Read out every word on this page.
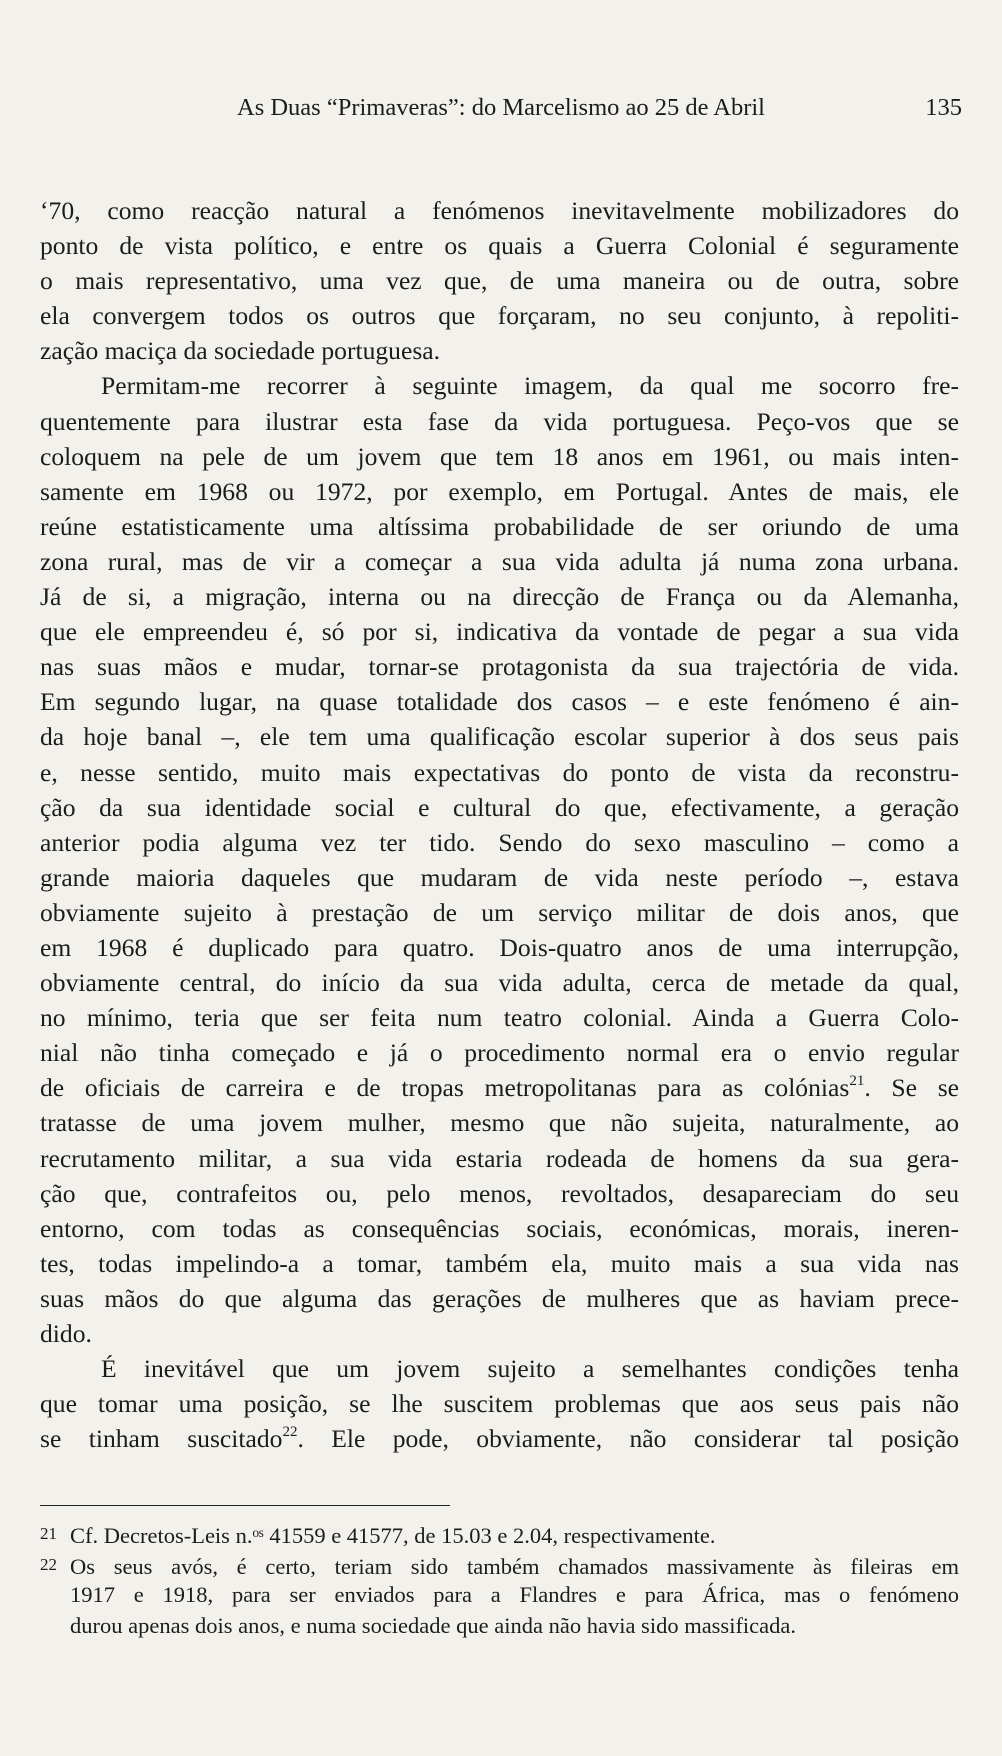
As Duas “Primaveras”: do Marcelismo ao 25 de Abril	135
‘70, como reacção natural a fenómenos inevitavelmente mobilizadores do
ponto de vista político, e entre os quais a Guerra Colonial é seguramente
o mais representativo, uma vez que, de uma maneira ou de outra, sobre
ela convergem todos os outros que forçaram, no seu conjunto, à repoliti-
zação maciça da sociedade portuguesa.
Permitam-me recorrer à seguinte imagem, da qual me socorro fre-
quentemente para ilustrar esta fase da vida portuguesa. Peço-vos que se
coloquem na pele de um jovem que tem 18 anos em 1961, ou mais inten-
samente em 1968 ou 1972, por exemplo, em Portugal. Antes de mais, ele
reúne estatisticamente uma altíssima probabilidade de ser oriundo de uma
zona rural, mas de vir a começar a sua vida adulta já numa zona urbana.
Já de si, a migração, interna ou na direcção de França ou da Alemanha,
que ele empreendeu é, só por si, indicativa da vontade de pegar a sua vida
nas suas mãos e mudar, tornar-se protagonista da sua trajectória de vida.
Em segundo lugar, na quase totalidade dos casos – e este fenómeno é ain-
da hoje banal –, ele tem uma qualificação escolar superior à dos seus pais
e, nesse sentido, muito mais expectativas do ponto de vista da reconstru-
ção da sua identidade social e cultural do que, efectivamente, a geração
anterior podia alguma vez ter tido. Sendo do sexo masculino – como a
grande maioria daqueles que mudaram de vida neste período –, estava
obviamente sujeito à prestação de um serviço militar de dois anos, que
em 1968 é duplicado para quatro. Dois-quatro anos de uma interrupção,
obviamente central, do início da sua vida adulta, cerca de metade da qual,
no mínimo, teria que ser feita num teatro colonial. Ainda a Guerra Colo-
nial não tinha começado e já o procedimento normal era o envio regular
de oficiais de carreira e de tropas metropolitanas para as colónias$^{21}$. Se se
tratasse de uma jovem mulher, mesmo que não sujeita, naturalmente, ao
recrutamento militar, a sua vida estaria rodeada de homens da sua gera-
ção que, contrafeitos ou, pelo menos, revoltados, desapareciam do seu
entorno, com todas as consequências sociais, económicas, morais, ineren-
tes, todas impelindo-a a tomar, também ela, muito mais a sua vida nas
suas mãos do que alguma das gerações de mulheres que as haviam prece-
dido.
É inevitável que um jovem sujeito a semelhantes condições tenha
que tomar uma posição, se lhe suscitem problemas que aos seus pais não
se tinham suscitado$^{22}$. Ele pode, obviamente, não considerar tal posição
21 Cf. Decretos-Leis n.ᵒˢ 41559 e 41577, de 15.03 e 2.04, respectivamente.
22 Os seus avós, é certo, teriam sido também chamados massivamente às fileiras em
1917 e 1918, para ser enviados para a Flandres e para África, mas o fenómeno
durou apenas dois anos, e numa sociedade que ainda não havia sido massificada.
